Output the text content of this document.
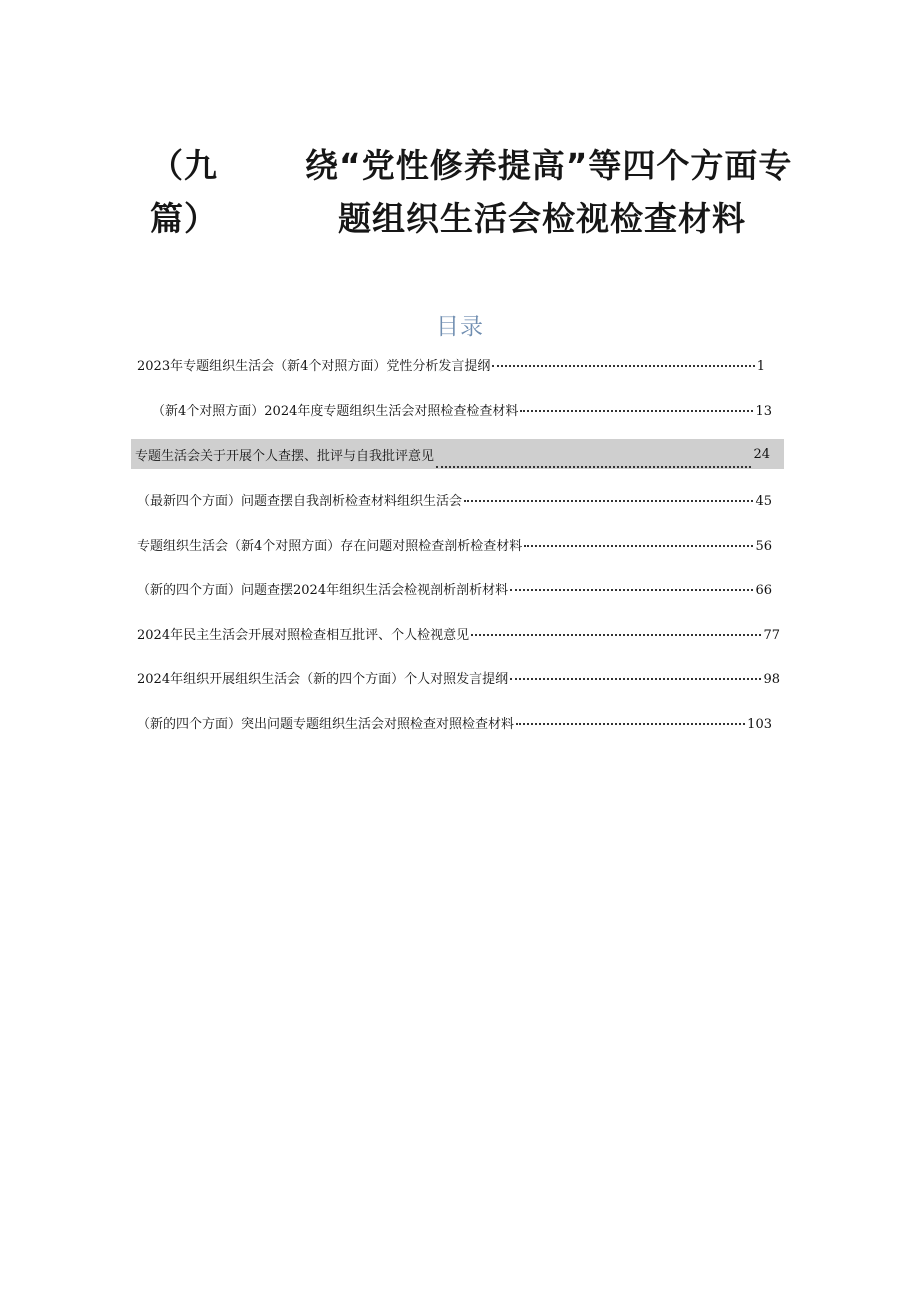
（九
篇）
绕“党性修养提高”等四个方面专
题组织生活会检视检查材料
目录
2023年专题组织生活会（新4个对照方面）党性分析发言提纲	1
（新4个对照方面）2024年度专题组织生活会对照检查检查材料	13
专题生活会关于开展个人查摆、批评与自我批评意见	24
（最新四个方面）问题查摆自我剖析检查材料组织生活会	45
专题组织生活会（新4个对照方面）存在问题对照检查剖析检查材料	56
（新的四个方面）问题查摆2024年组织生活会检视剖析剖析材料	66
2024年民主生活会开展对照检查相互批评、个人检视意见	77
2024年组织开展组织生活会（新的四个方面）个人对照发言提纲	98
（新的四个方面）突出问题专题组织生活会对照检查对照检查材料	103
